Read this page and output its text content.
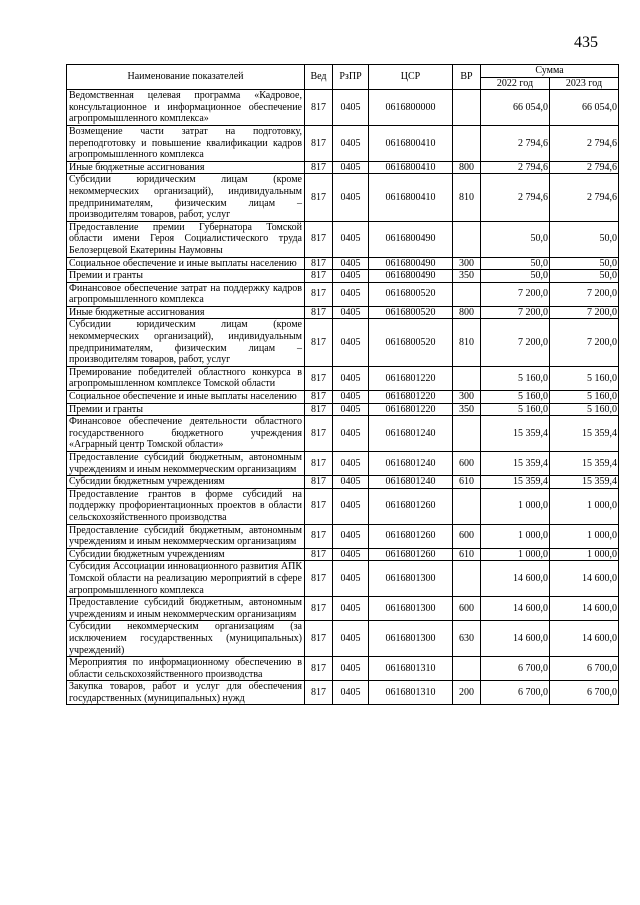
435
Наименование показателей	Вед	РзПР	ЦСР	ВР	Сумма	
					2022 год	2023 год
Ведомственная целевая программа «Кадровое, консультационное и информационное обеспечение агропромышленного комплекса»	817	0405	0616800000		66 054,0	66 054,0
Возмещение части затрат на подготовку, переподготовку и повышение квалификации кадров агропромышленного комплекса	817	0405	0616800410		2 794,6	2 794,6
Иные бюджетные ассигнования	817	0405	0616800410	800	2 794,6	2 794,6
Субсидии юридическим лицам (кроме некоммерческих организаций), индивидуальным предпринимателям, физическим лицам – производителям товаров, работ, услуг	817	0405	0616800410	810	2 794,6	2 794,6
Предоставление премии Губернатора Томской области имени Героя Социалистического труда Белозерцевой Екатерины Наумовны	817	0405	0616800490		50,0	50,0
Социальное обеспечение и иные выплаты населению	817	0405	0616800490	300	50,0	50,0
Премии и гранты	817	0405	0616800490	350	50,0	50,0
Финансовое обеспечение затрат на поддержку кадров агропромышленного комплекса	817	0405	0616800520		7 200,0	7 200,0
Иные бюджетные ассигнования	817	0405	0616800520	800	7 200,0	7 200,0
Субсидии юридическим лицам (кроме некоммерческих организаций), индивидуальным предпринимателям, физическим лицам – производителям товаров, работ, услуг	817	0405	0616800520	810	7 200,0	7 200,0
Премирование победителей областного конкурса в агропромышленном комплексе Томской области	817	0405	0616801220		5 160,0	5 160,0
Социальное обеспечение и иные выплаты населению	817	0405	0616801220	300	5 160,0	5 160,0
Премии и гранты	817	0405	0616801220	350	5 160,0	5 160,0
Финансовое обеспечение деятельности областного государственного бюджетного учреждения «Аграрный центр Томской области»	817	0405	0616801240		15 359,4	15 359,4
Предоставление субсидий бюджетным, автономным учреждениям и иным некоммерческим организациям	817	0405	0616801240	600	15 359,4	15 359,4
Субсидии бюджетным учреждениям	817	0405	0616801240	610	15 359,4	15 359,4
Предоставление грантов в форме субсидий на поддержку профориентационных проектов в области сельскохозяйственного производства	817	0405	0616801260		1 000,0	1 000,0
Предоставление субсидий бюджетным, автономным учреждениям и иным некоммерческим организациям	817	0405	0616801260	600	1 000,0	1 000,0
Субсидии бюджетным учреждениям	817	0405	0616801260	610	1 000,0	1 000,0
Субсидия Ассоциации инновационного развития АПК Томской области на реализацию мероприятий в сфере агропромышленного комплекса	817	0405	0616801300		14 600,0	14 600,0
Предоставление субсидий бюджетным, автономным учреждениям и иным некоммерческим организациям	817	0405	0616801300	600	14 600,0	14 600,0
Субсидии некоммерческим организациям (за исключением государственных (муниципальных) учреждений)	817	0405	0616801300	630	14 600,0	14 600,0
Мероприятия по информационному обеспечению в области сельскохозяйственного производства	817	0405	0616801310		6 700,0	6 700,0
Закупка товаров, работ и услуг для обеспечения государственных (муниципальных) нужд	817	0405	0616801310	200	6 700,0	6 700,0
